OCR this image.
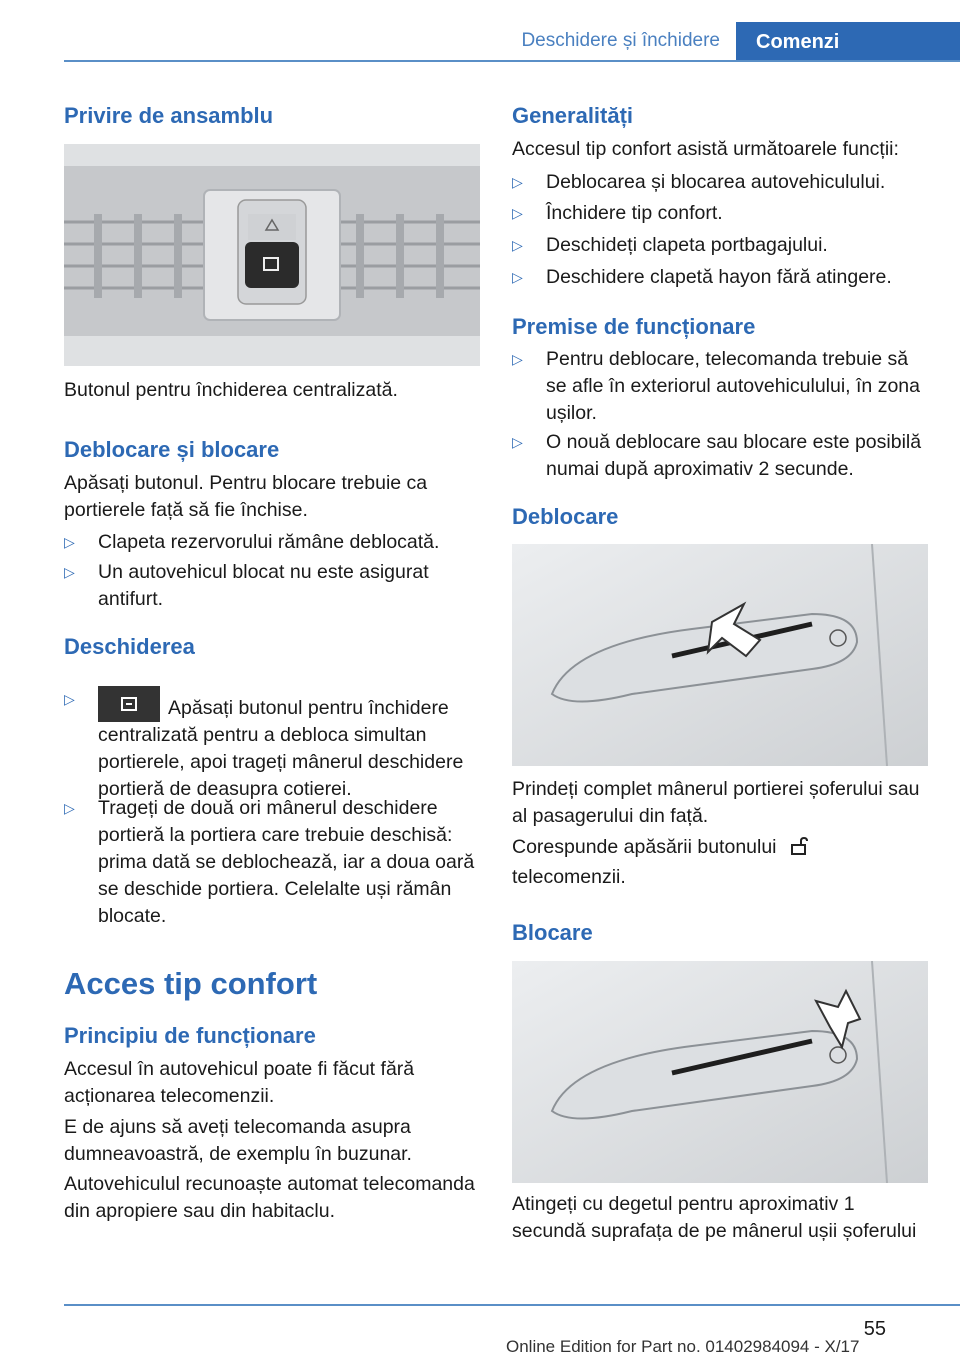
Deschidere și închidere	Comenzi
Privire de ansamblu

Butonul pentru închiderea centralizată.

Deblocare și blocare

Apăsați butonul. Pentru blocare trebuie ca portierele față să fie închise.

▷ Clapeta rezervorului rămâne deblocată.
▷ Un autovehicul blocat nu este asigurat antifurt.
Deschiderea
▷	Apăsați butonul pentru închidere centralizată pentru a debloca simultan portierele, apoi trageți mânerul deschidere portieră de deasupra cotierei.
▷ Trageți de două ori mânerul deschidere portieră la portiera care trebuie deschisă: prima dată se deblochează, iar a doua oară se deschide portiera. Celelalte uși rămân blocate.
Acces tip confort
Principiu de funcționare

Accesul în autovehicul poate fi făcut fără acționarea telecomenzii.

E de ajuns să aveți telecomanda asupra dumneavoastră, de exemplu în buzunar.

Autovehiculul recunoaște automat telecomanda din apropiere sau din habitaclu.

Generalități

Accesul tip confort asistă următoarele funcții:

▷ Deblocarea și blocarea autovehiculului.
▷ Închidere tip confort.
▷ Deschideți clapeta portbagajului.
▷ Deschidere clapetă hayon fără atingere.
Premise de funcționare
▷ Pentru deblocare, telecomanda trebuie să se afle în exteriorul autovehiculului, în zona ușilor.
▷ O nouă deblocare sau blocare este posibilă numai după aproximativ 2 secunde.
Deblocare

Prindeți complet mânerul portierei șoferului sau al pasagerului din față.

Corespunde apăsării butonului  telecomenzii.

Blocare

Atingeți cu degetul pentru aproximativ 1 secundă suprafața de pe mânerul ușii șoferului

55
Online Edition for Part no. 01402984094 - X/17
